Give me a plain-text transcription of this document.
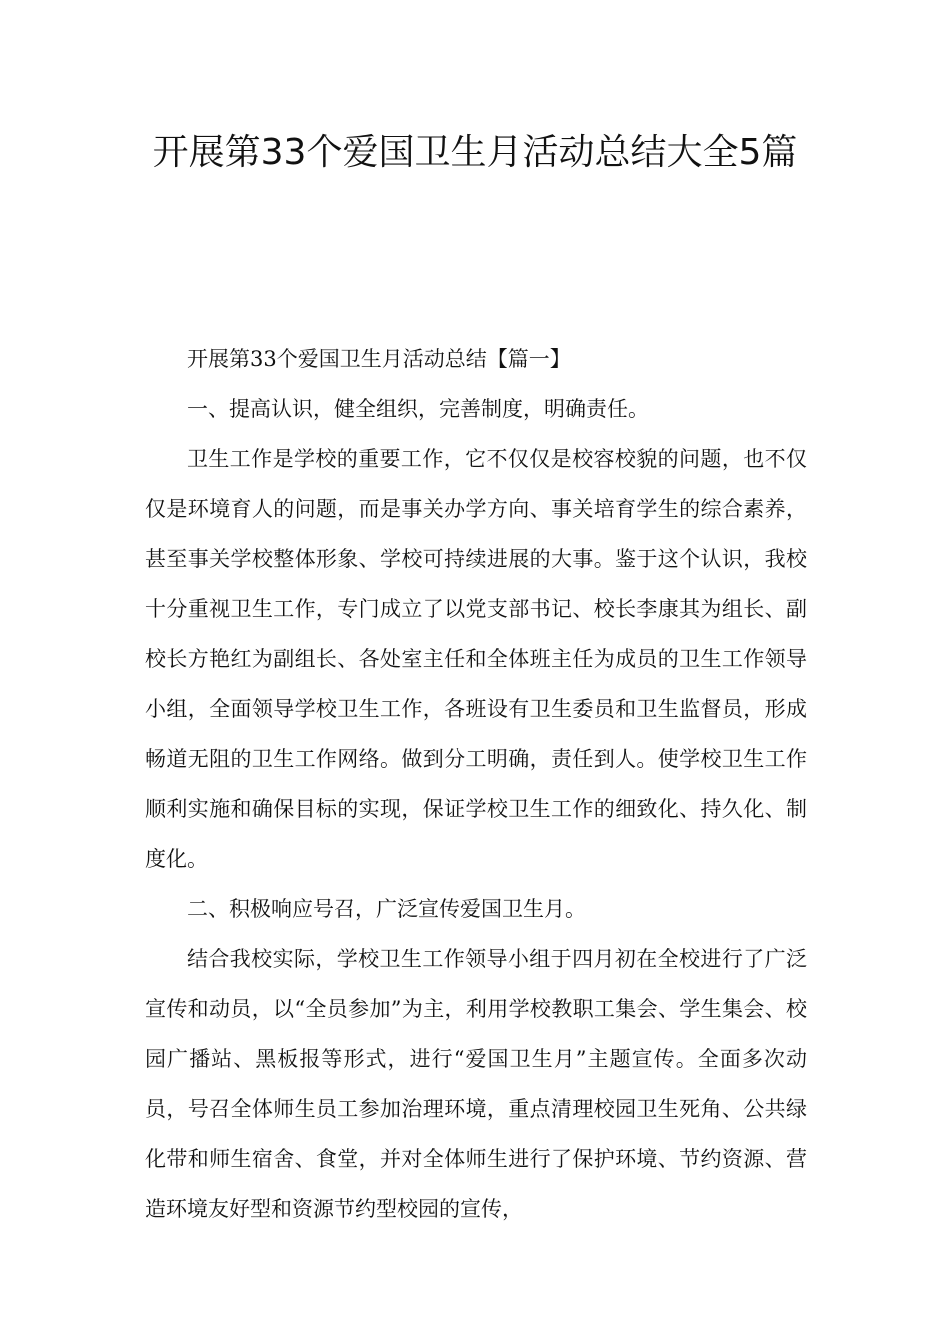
开展第33个爱国卫生月活动总结大全5篇

开展第33个爱国卫生月活动总结【篇一】

一、提高认识，健全组织，完善制度，明确责任。

卫生工作是学校的重要工作，它不仅仅是校容校貌的问题，也不仅仅是环境育人的问题，而是事关办学方向、事关培育学生的综合素养，甚至事关学校整体形象、学校可持续进展的大事。鉴于这个认识，我校十分重视卫生工作，专门成立了以党支部书记、校长李康其为组长、副校长方艳红为副组长、各处室主任和全体班主任为成员的卫生工作领导小组，全面领导学校卫生工作，各班设有卫生委员和卫生监督员，形成畅道无阻的卫生工作网络。做到分工明确，责任到人。使学校卫生工作顺利实施和确保目标的实现，保证学校卫生工作的细致化、持久化、制度化。

二、积极响应号召，广泛宣传爱国卫生月。

结合我校实际，学校卫生工作领导小组于四月初在全校进行了广泛宣传和动员，以“全员参加”为主，利用学校教职工集会、学生集会、校园广播站、黑板报等形式，进行“爱国卫生月”主题宣传。全面多次动员，号召全体师生员工参加治理环境，重点清理校园卫生死角、公共绿化带和师生宿舍、食堂，并对全体师生进行了保护环境、节约资源、营造环境友好型和资源节约型校园的宣传，
